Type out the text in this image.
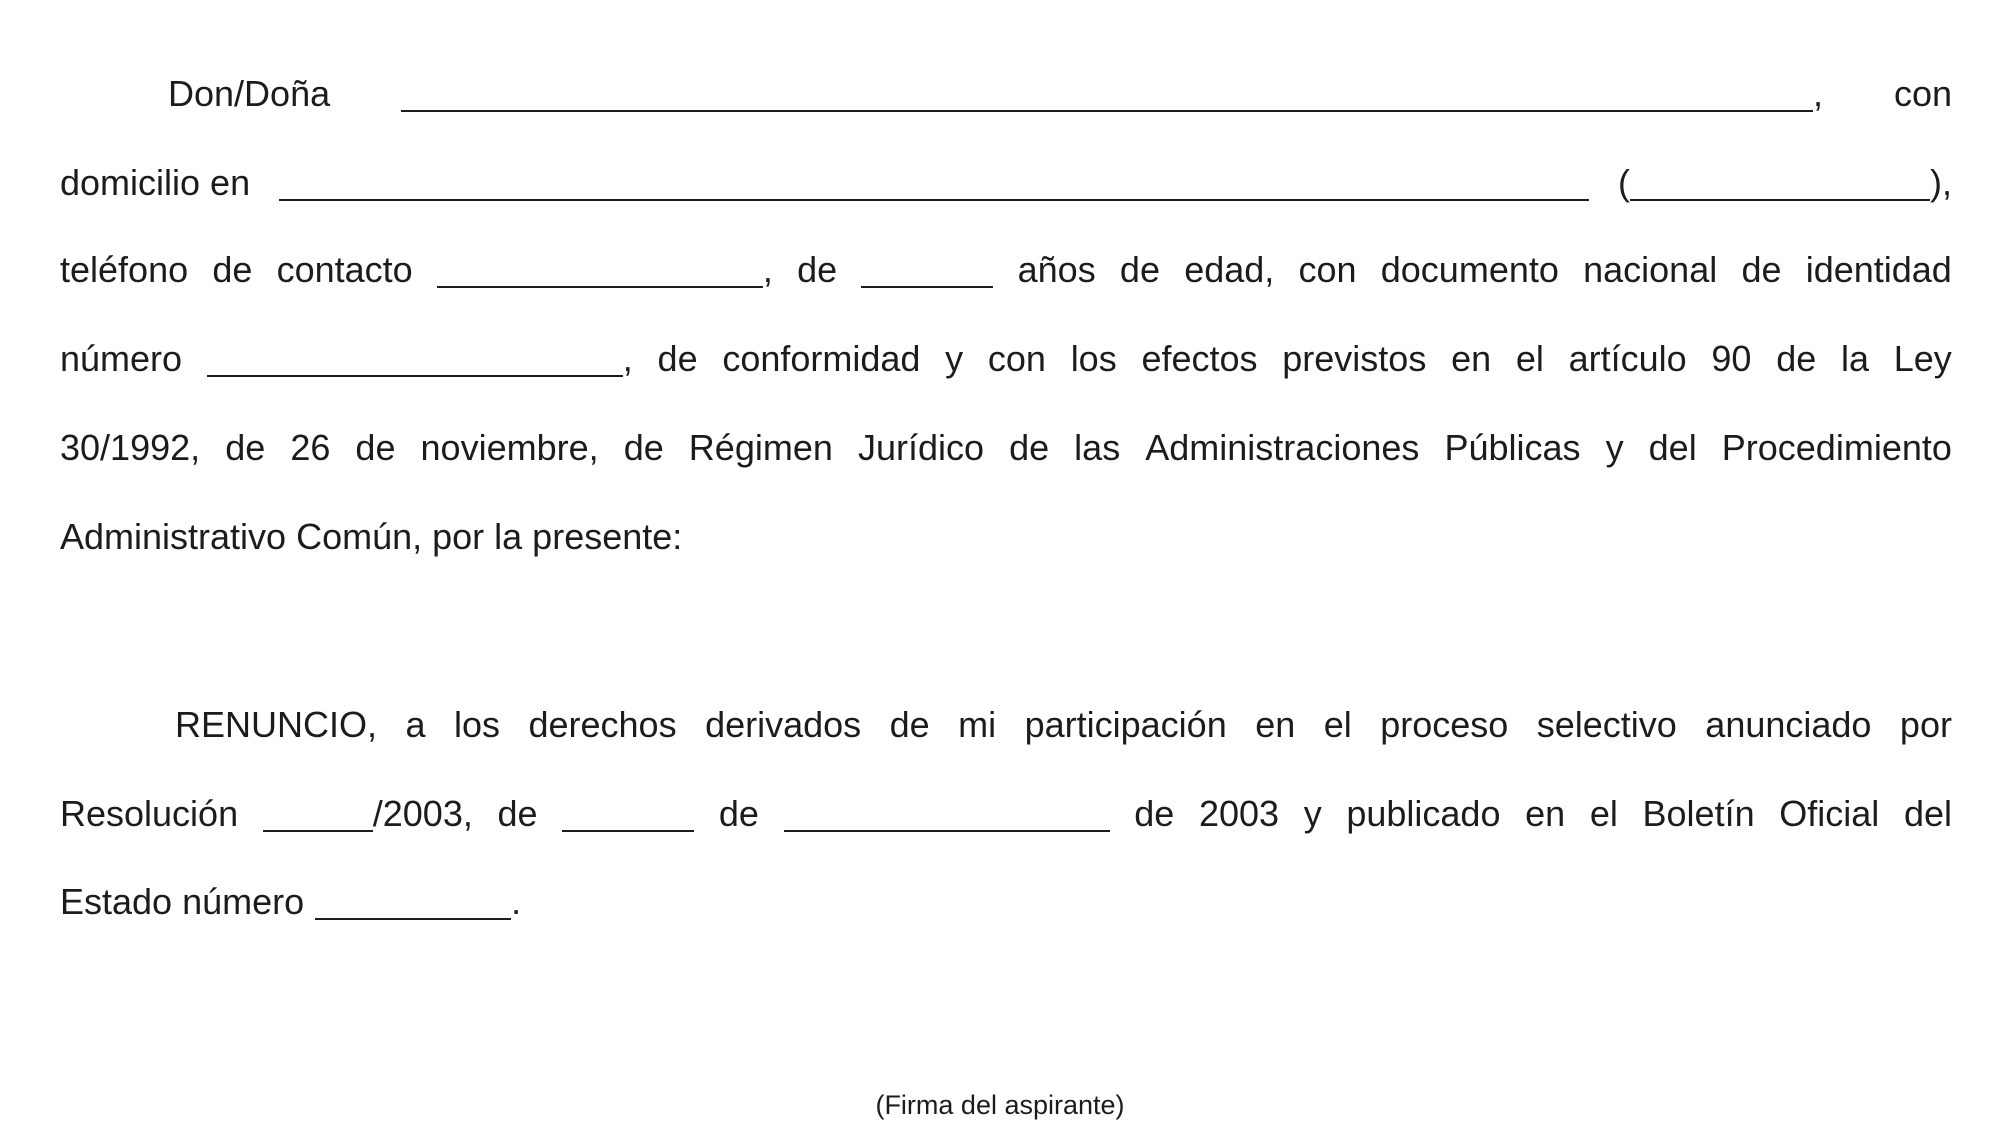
Don/Doña	, con
domicilio en	(	),
teléfono de contacto	, de	años de edad, con documento nacional de identidad
número	, de conformidad y con los efectos previstos en el artículo 90 de la Ley
30/1992, de 26 de noviembre, de Régimen Jurídico de las Administraciones Públicas y del Procedimiento
Administrativo Común, por la presente:
RENUNCIO, a los derechos derivados de mi participación en el proceso selectivo anunciado por
Resolución	/2003, de	de	de 2003 y publicado en el Boletín Oficial del
Estado número	.
(Firma del aspirante)
